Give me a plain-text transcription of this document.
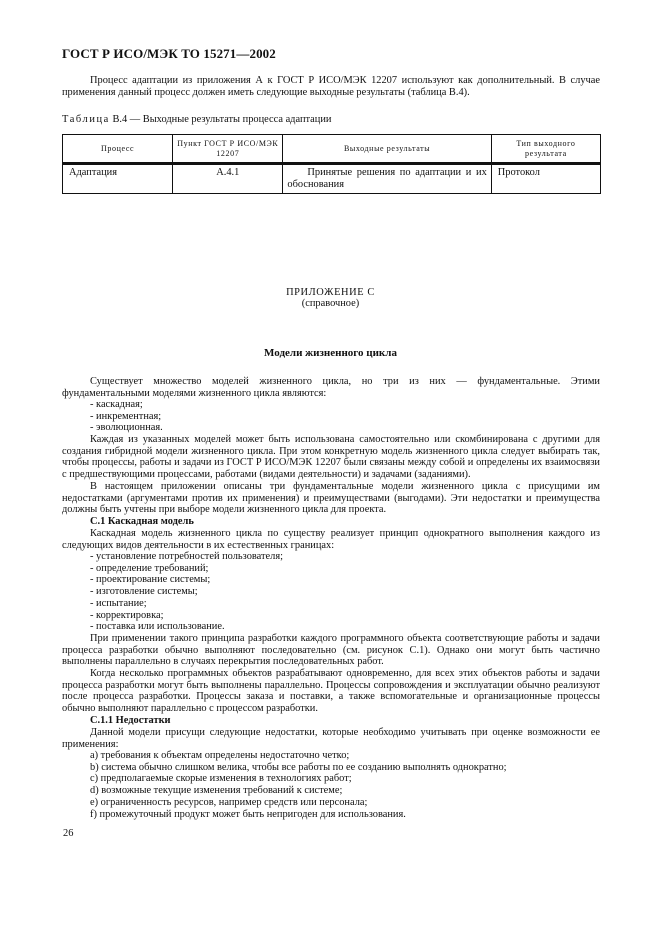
ГОСТ Р ИСО/МЭК ТО 15271—2002
Процесс адаптации из приложения А к ГОСТ Р ИСО/МЭК 12207 используют как дополнительный. В случае применения данный процесс должен иметь следующие выходные результаты (таблица В.4).
Таблица В.4 — Выходные результаты процесса адаптации
Процесс	Пункт ГОСТ Р ИСО/МЭК 12207	Выходные результаты	Тип выходного результата
Адаптация	А.4.1	Принятые решения по адаптации и их обоснования	Протокол
ПРИЛОЖЕНИЕ С
(справочное)
Модели жизненного цикла
Существует множество моделей жизненного цикла, но три из них — фундаментальные. Этими фундаментальными моделями жизненного цикла являются:
- каскадная;
- инкрементная;
- эволюционная.
Каждая из указанных моделей может быть использована самостоятельно или скомбинирована с другими для создания гибридной модели жизненного цикла. При этом конкретную модель жизненного цикла следует выбирать так, чтобы процессы, работы и задачи из ГОСТ Р ИСО/МЭК 12207 были связаны между собой и определены их взаимосвязи с предшествующими процессами, работами (видами деятельности) и задачами (заданиями).
В настоящем приложении описаны три фундаментальные модели жизненного цикла с присущими им недостатками (аргументами против их применения) и преимуществами (выгодами). Эти недостатки и преимущества должны быть учтены при выборе модели жизненного цикла для проекта.
С.1 Каскадная модель
Каскадная модель жизненного цикла по существу реализует принцип однократного выполнения каждого из следующих видов деятельности в их естественных границах:
- установление потребностей пользователя;
- определение требований;
- проектирование системы;
- изготовление системы;
- испытание;
- корректировка;
- поставка или использование.
При применении такого принципа разработки каждого программного объекта соответствующие работы и задачи процесса разработки обычно выполняют последовательно (см. рисунок С.1). Однако они могут быть частично выполнены параллельно в случаях перекрытия последовательных работ.
Когда несколько программных объектов разрабатывают одновременно, для всех этих объектов работы и задачи процесса разработки могут быть выполнены параллельно. Процессы сопровождения и эксплуатации обычно реализуют после процесса разработки. Процессы заказа и поставки, а также вспомогательные и организационные процессы обычно выполняют параллельно с процессом разработки.
С.1.1 Недостатки
Данной модели присущи следующие недостатки, которые необходимо учитывать при оценке возможности ее применения:
a) требования к объектам определены недостаточно четко;
b) система обычно слишком велика, чтобы все работы по ее созданию выполнять однократно;
c) предполагаемые скорые изменения в технологиях работ;
d) возможные текущие изменения требований к системе;
e) ограниченность ресурсов, например средств или персонала;
f) промежуточный продукт может быть непригоден для использования.
26
